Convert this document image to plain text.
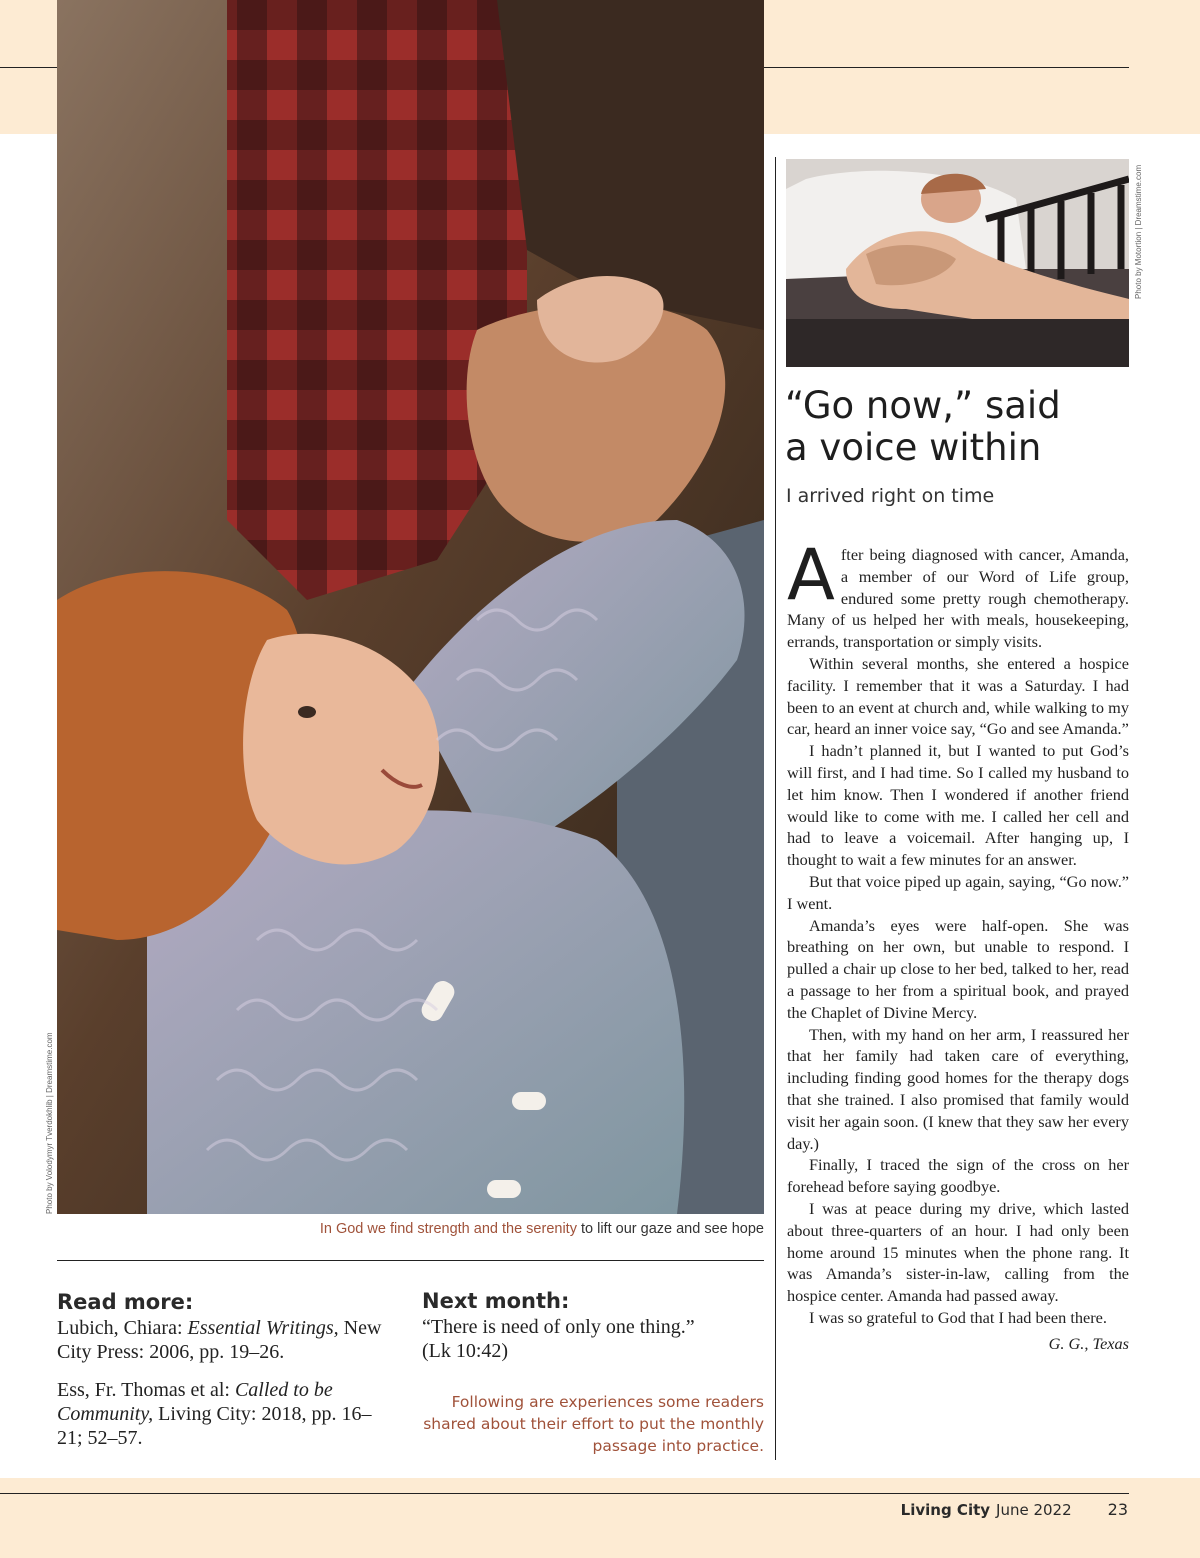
Photo by Volodymyr Tverdokhlib | Dreamstime.com
In God we find strength and the serenity to lift our gaze and see hope
Photo by Motortion | Dreamstime.com
“Go now,” said
a voice within
I arrived right on time

After being diagnosed with cancer, Amanda, a member of our Word of Life group, endured some pretty rough chemotherapy. Many of us helped her with meals, housekeeping, errands, transportation or simply visits.

Within several months, she entered a hospice facility. I remember that it was a Saturday. I had been to an event at church and, while walking to my car, heard an inner voice say, “Go and see Amanda.”

I hadn’t planned it, but I wanted to put God’s will first, and I had time. So I called my husband to let him know. Then I wondered if another friend would like to come with me. I called her cell and had to leave a voicemail. After hanging up, I thought to wait a few minutes for an answer.

But that voice piped up again, saying, “Go now.” I went.

Amanda’s eyes were half-open. She was breathing on her own, but unable to respond. I pulled a chair up close to her bed, talked to her, read a passage to her from a spiritual book, and prayed the Chaplet of Divine Mercy.

Then, with my hand on her arm, I reassured her that her family had taken care of everything, including finding good homes for the therapy dogs that she trained. I also promised that family would visit her again soon. (I knew that they saw her every day.)

Finally, I traced the sign of the cross on her forehead before saying goodbye.

I was at peace during my drive, which lasted about three-quarters of an hour. I had only been home around 15 minutes when the phone rang. It was Amanda’s sister-in-law, calling from the hospice center. Amanda had passed away.

I was so grateful to God that I had been there.

G. G., Texas
Read more:

Lubich, Chiara: Essential Writings, New City Press: 2006, pp. 19–26.

Ess, Fr. Thomas et al: Called to be Community, Living City: 2018, pp. 16–21; 52–57.

Next month:
“There is need of only one thing.”
(Lk 10:42)
Following are experiences some readers shared about their effort to put the monthly passage into practice.
Living City June 2022 23
